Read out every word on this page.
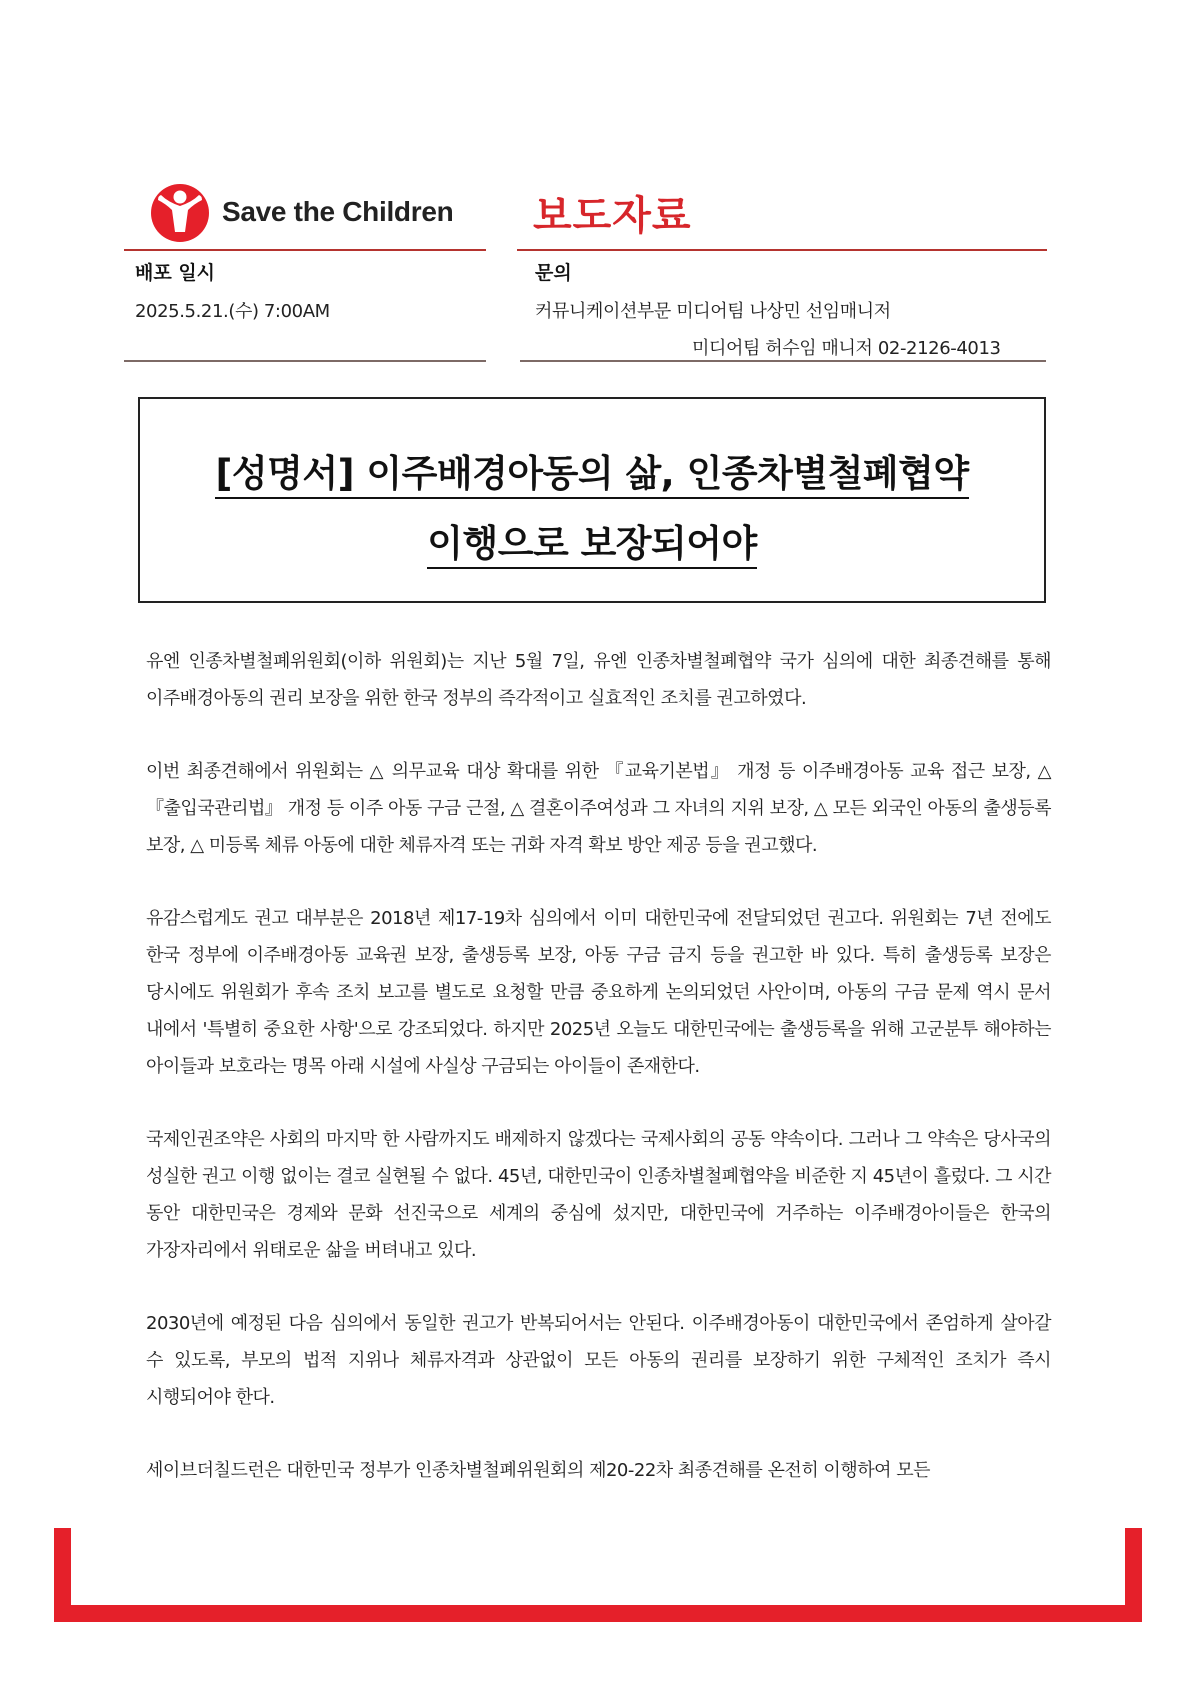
Save the Children 보도자료
배포 일시
2025.5.21.(수) 7:00AM
문의
커뮤니케이션부문 미디어팀 나상민 선임매니저
미디어팀 허수임 매니저 02-2126-4013
[성명서] 이주배경아동의 삶, 인종차별철폐협약
이행으로 보장되어야

유엔 인종차별철폐위원회(이하 위원회)는 지난 5월 7일, 유엔 인종차별철폐협약 국가 심의에 대한 최종견해를 통해 이주배경아동의 권리 보장을 위한 한국 정부의 즉각적이고 실효적인 조치를 권고하였다.

이번 최종견해에서 위원회는 △ 의무교육 대상 확대를 위한 『교육기본법』 개정 등 이주배경아동 교육 접근 보장, △ 『출입국관리법』 개정 등 이주 아동 구금 근절, △ 결혼이주여성과 그 자녀의 지위 보장, △ 모든 외국인 아동의 출생등록 보장, △ 미등록 체류 아동에 대한 체류자격 또는 귀화 자격 확보 방안 제공 등을 권고했다.

유감스럽게도 권고 대부분은 2018년 제17-19차 심의에서 이미 대한민국에 전달되었던 권고다. 위원회는 7년 전에도 한국 정부에 이주배경아동 교육권 보장, 출생등록 보장, 아동 구금 금지 등을 권고한 바 있다. 특히 출생등록 보장은 당시에도 위원회가 후속 조치 보고를 별도로 요청할 만큼 중요하게 논의되었던 사안이며, 아동의 구금 문제 역시 문서 내에서 '특별히 중요한 사항'으로 강조되었다. 하지만 2025년 오늘도 대한민국에는 출생등록을 위해 고군분투 해야하는 아이들과 보호라는 명목 아래 시설에 사실상 구금되는 아이들이 존재한다.

국제인권조약은 사회의 마지막 한 사람까지도 배제하지 않겠다는 국제사회의 공동 약속이다. 그러나 그 약속은 당사국의 성실한 권고 이행 없이는 결코 실현될 수 없다. 45년, 대한민국이 인종차별철폐협약을 비준한 지 45년이 흘렀다. 그 시간 동안 대한민국은 경제와 문화 선진국으로 세계의 중심에 섰지만, 대한민국에 거주하는 이주배경아이들은 한국의 가장자리에서 위태로운 삶을 버텨내고 있다.

2030년에 예정된 다음 심의에서 동일한 권고가 반복되어서는 안된다. 이주배경아동이 대한민국에서 존엄하게 살아갈 수 있도록, 부모의 법적 지위나 체류자격과 상관없이 모든 아동의 권리를 보장하기 위한 구체적인 조치가 즉시 시행되어야 한다.

세이브더칠드런은 대한민국 정부가 인종차별철폐위원회의 제20-22차 최종견해를 온전히 이행하여 모든
